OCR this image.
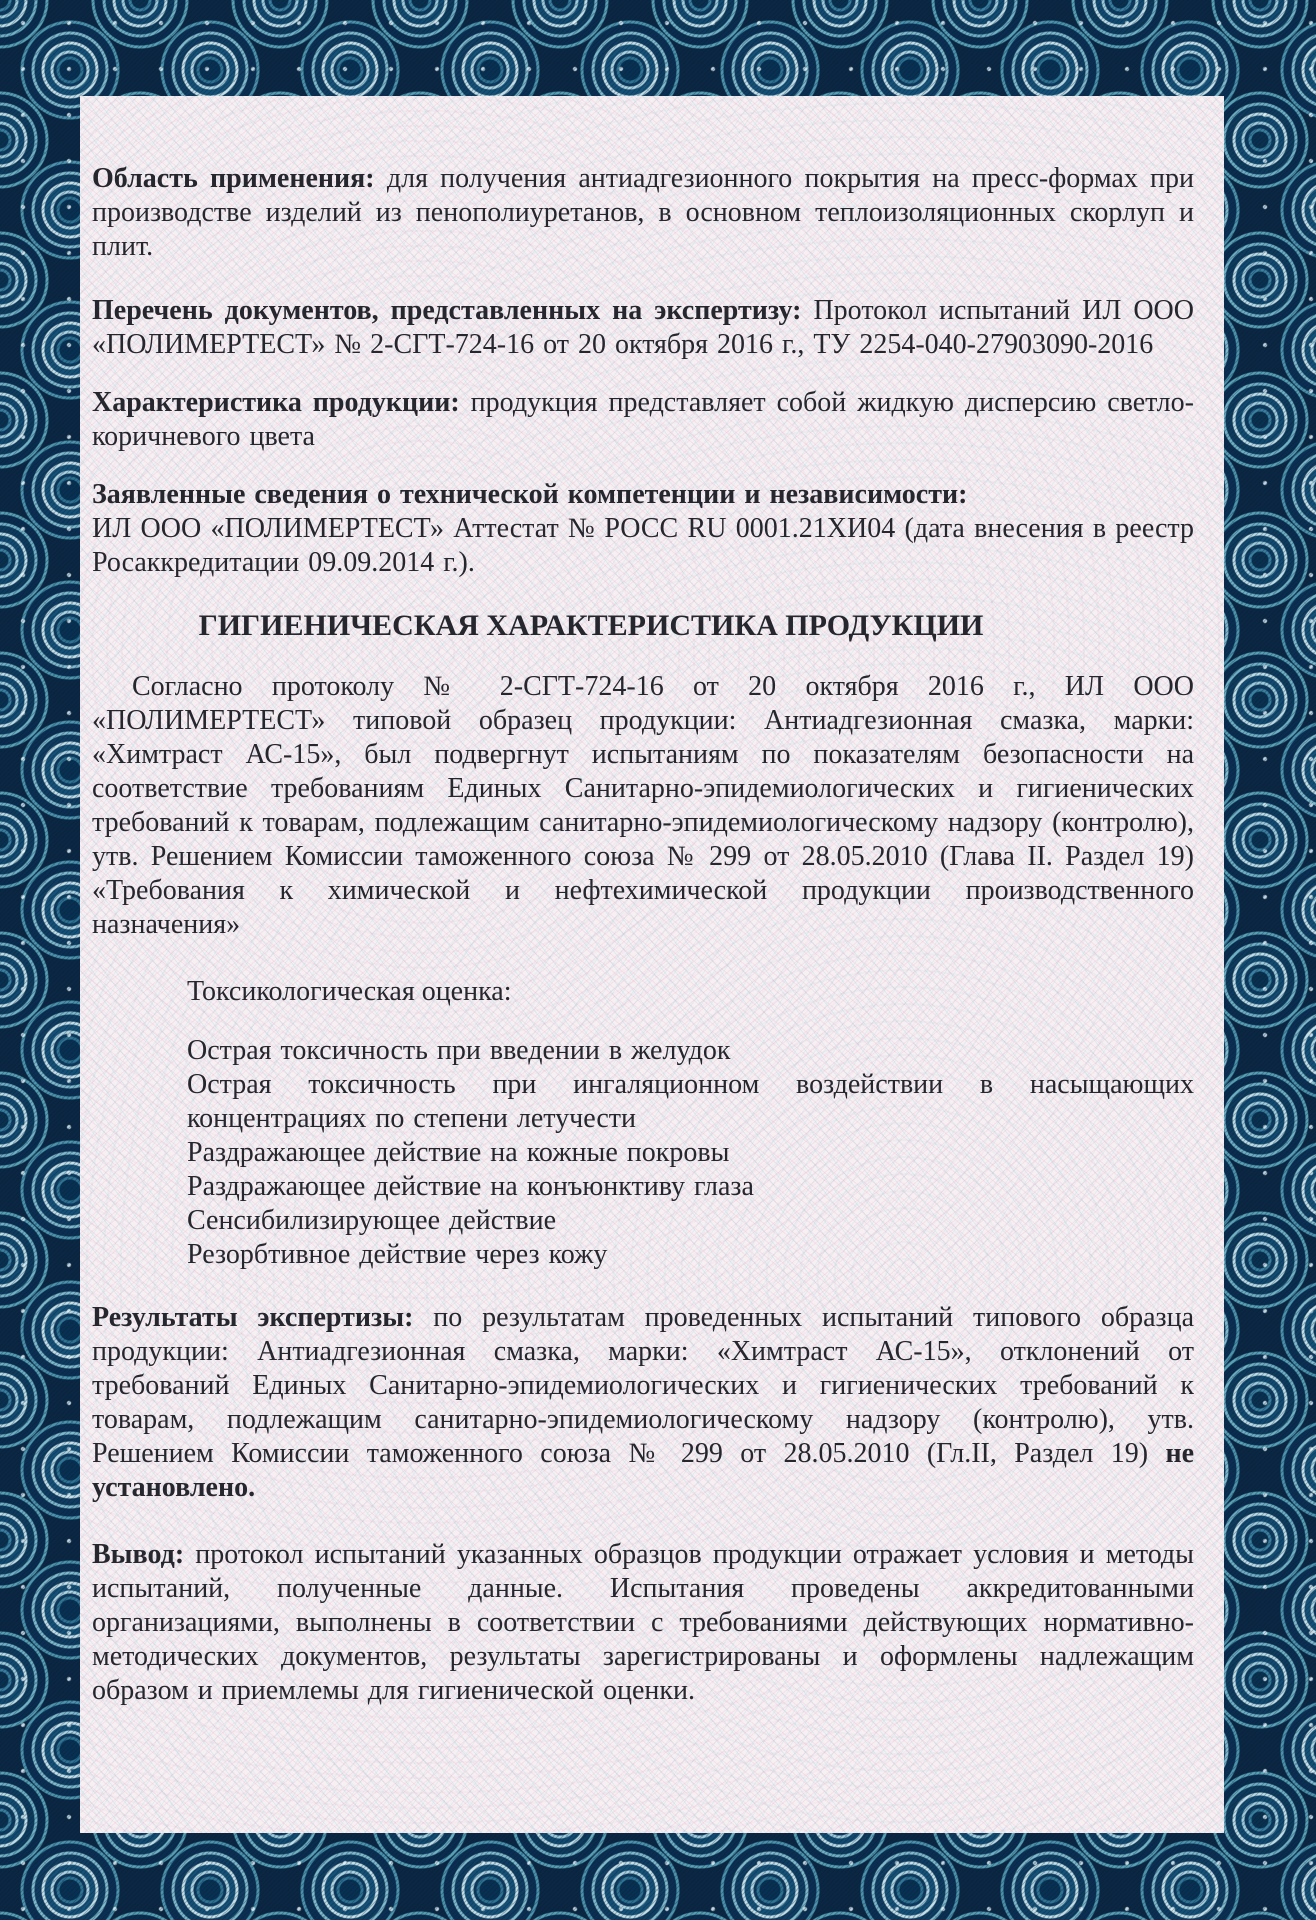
Область применения: для получения антиадгезионного покрытия на пресс-формах при производстве изделий из пенополиуретанов, в основном теплоизоляционных скорлуп и плит.

Перечень документов, представленных на экспертизу: Протокол испытаний ИЛ ООО «ПОЛИМЕРТЕСТ» № 2-СГТ-724-16 от 20 октября 2016 г., ТУ 2254-040-27903090-2016

Характеристика продукции: продукция представляет собой жидкую дисперсию светло- коричневого цвета

Заявленные сведения о технической компетенции и независимости:
ИЛ ООО «ПОЛИМЕРТЕСТ» Аттестат № РОСС RU 0001.21ХИ04 (дата внесения в реестр Росаккредитации 09.09.2014 г.).

ГИГИЕНИЧЕСКАЯ ХАРАКТЕРИСТИКА ПРОДУКЦИИ

Согласно протоколу № 2-СГТ-724-16 от 20 октября 2016 г., ИЛ ООО «ПОЛИМЕРТЕСТ» типовой образец продукции: Антиадгезионная смазка, марки: «Химтраст АС-15», был подвергнут испытаниям по показателям безопасности на соответствие требованиям Единых Санитарно-эпидемиологических и гигиенических требований к товарам, подлежащим санитарно-эпидемиологическому надзору (контролю), утв. Решением Комиссии таможенного союза № 299 от 28.05.2010 (Глава II. Раздел 19) «Требования к химической и нефтехимической продукции производственного назначения»

Токсикологическая оценка:

Острая токсичность при введении в желудок

Острая токсичность при ингаляционном воздействии в насыщающих концентрациях по степени летучести

Раздражающее действие на кожные покровы

Раздражающее действие на конъюнктиву глаза

Сенсибилизирующее действие

Резорбтивное действие через кожу

Результаты экспертизы: по результатам проведенных испытаний типового образца продукции: Антиадгезионная смазка, марки: «Химтраст АС-15», отклонений от требований Единых Санитарно-эпидемиологических и гигиенических требований к товарам, подлежащим санитарно-эпидемиологическому надзору (контролю), утв. Решением Комиссии таможенного союза № 299 от 28.05.2010 (Гл.II, Раздел 19) не установлено.

Вывод: протокол испытаний указанных образцов продукции отражает условия и методы испытаний, полученные данные. Испытания проведены аккредитованными организациями, выполнены в соответствии с требованиями действующих нормативно-методических документов, результаты зарегистрированы и оформлены надлежащим образом и приемлемы для гигиенической оценки.
